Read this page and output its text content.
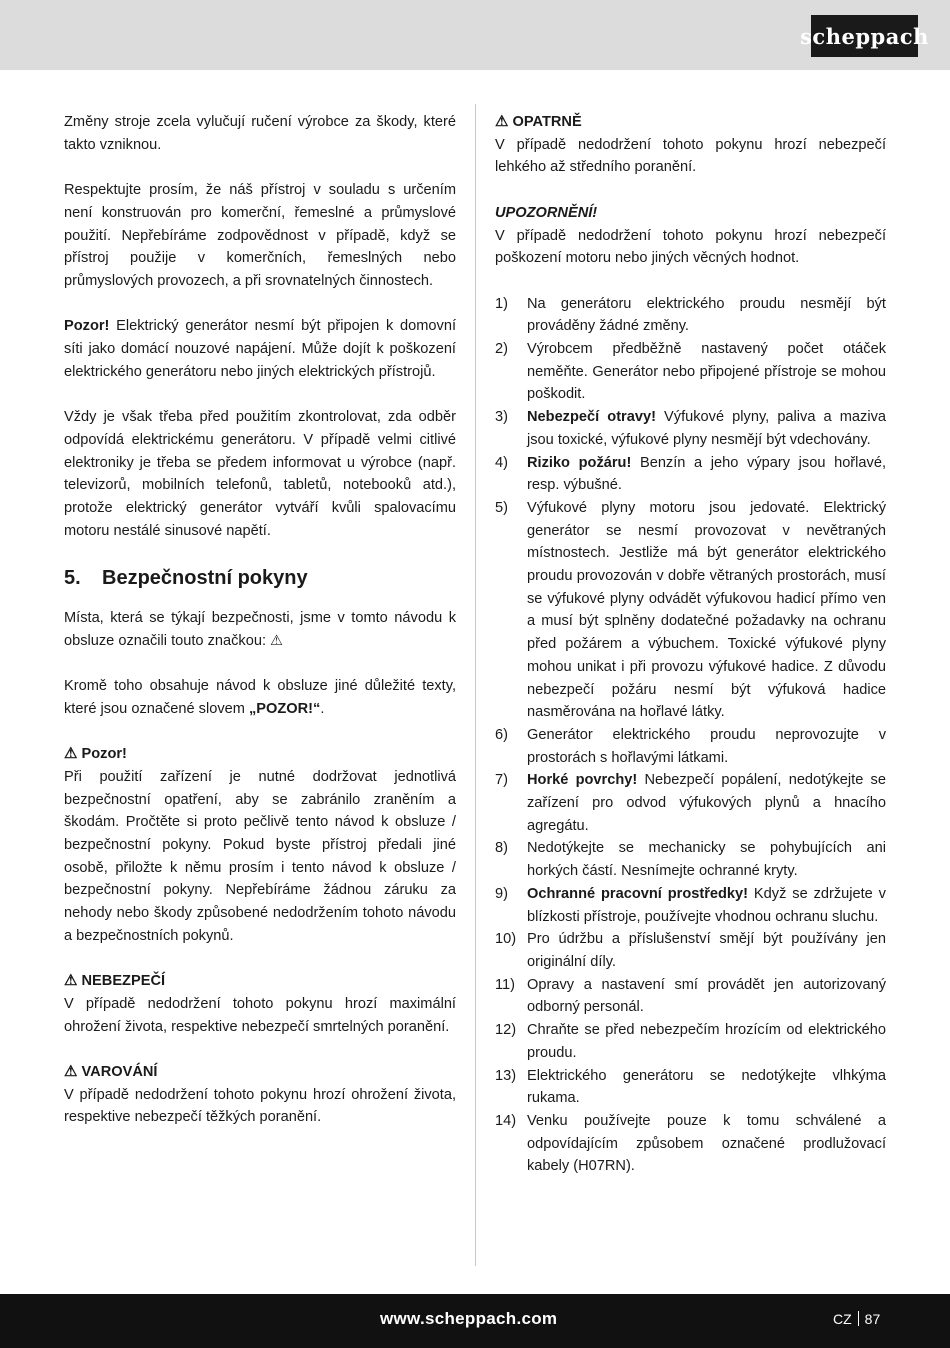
scheppach

Změny stroje zcela vylučují ručení výrobce za škody, které takto vzniknou.

Respektujte prosím, že náš přístroj v souladu s určením není konstruován pro komerční, řemeslné a průmyslové použití. Nepřebíráme zodpovědnost v případě, když se přístroj použije v komerčních, řemeslných nebo průmyslových provozech, a při srovnatelných činnostech.

Pozor! Elektrický generátor nesmí být připojen k domovní síti jako domácí nouzové napájení. Může dojít k poškození elektrického generátoru nebo jiných elektrických přístrojů.

Vždy je však třeba před použitím zkontrolovat, zda odběr odpovídá elektrickému generátoru. V případě velmi citlivé elektroniky je třeba se předem informovat u výrobce (např. televizorů, mobilních telefonů, tabletů, notebooků atd.), protože elektrický generátor vytváří kvůli spalovacímu motoru nestálé sinusové napětí.

5. Bezpečnostní pokyny

Místa, která se týkají bezpečnosti, jsme v tomto návodu k obsluze označili touto značkou: ⚠

Kromě toho obsahuje návod k obsluze jiné důležité texty, které jsou označené slovem „POZOR!“.

⚠ Pozor!

Při použití zařízení je nutné dodržovat jednotlivá bezpečnostní opatření, aby se zabránilo zraněním a škodám. Pročtěte si proto pečlivě tento návod k obsluze / bezpečnostní pokyny. Pokud byste přístroj předali jiné osobě, přiložte k němu prosím i tento návod k obsluze / bezpečnostní pokyny. Nepřebíráme žádnou záruku za nehody nebo škody způsobené nedodržením tohoto návodu a bezpečnostních pokynů.

⚠ NEBEZPEČÍ

V případě nedodržení tohoto pokynu hrozí maximální ohrožení života, respektive nebezpečí smrtelných poranění.

⚠ VAROVÁNÍ

V případě nedodržení tohoto pokynu hrozí ohrožení života, respektive nebezpečí těžkých poranění.

⚠ OPATRNĚ

V případě nedodržení tohoto pokynu hrozí nebezpečí lehkého až středního poranění.

UPOZORNĚNÍ!

V případě nedodržení tohoto pokynu hrozí nebezpečí poškození motoru nebo jiných věcných hodnot.

1)	Na generátoru elektrického proudu nesmějí být prováděny žádné změny.
2)	Výrobcem předběžně nastavený počet otáček neměňte. Generátor nebo připojené přístroje se mohou poškodit.
3)	Nebezpečí otravy! Výfukové plyny, paliva a maziva jsou toxické, výfukové plyny nesmějí být vdechovány.
4)	Riziko požáru! Benzín a jeho výpary jsou hořlavé, resp. výbušné.
5)	Výfukové plyny motoru jsou jedovaté. Elektrický generátor se nesmí provozovat v nevětraných místnostech. Jestliže má být generátor elektrického proudu provozován v dobře větraných prostorách, musí se výfukové plyny odvádět výfukovou hadicí přímo ven a musí být splněny dodatečné požadavky na ochranu před požárem a výbuchem. Toxické výfukové plyny mohou unikat i při provozu výfukové hadice. Z důvodu nebezpečí požáru nesmí být výfuková hadice nasměrována na hořlavé látky.
6)	Generátor elektrického proudu neprovozujte v prostorách s hořlavými látkami.
7)	Horké povrchy! Nebezpečí popálení, nedotýkejte se zařízení pro odvod výfukových plynů a hnacího agregátu.
8)	Nedotýkejte se mechanicky se pohybujících ani horkých částí. Nesnímejte ochranné kryty.
9)	Ochranné pracovní prostředky! Když se zdržujete v blízkosti přístroje, používejte vhodnou ochranu sluchu.
10) Pro údržbu a příslušenství smějí být používány jen originální díly.
11) Opravy a nastavení smí provádět jen autorizovaný odborný personál.
12) Chraňte se před nebezpečím hrozícím od elektrického proudu.
13) Elektrického generátoru se nedotýkejte vlhkýma rukama.
14) Venku používejte pouze k tomu schválené a odpovídajícím způsobem označené prodlužovací kabely (H07RN).
www.scheppach.com	CZ 87
